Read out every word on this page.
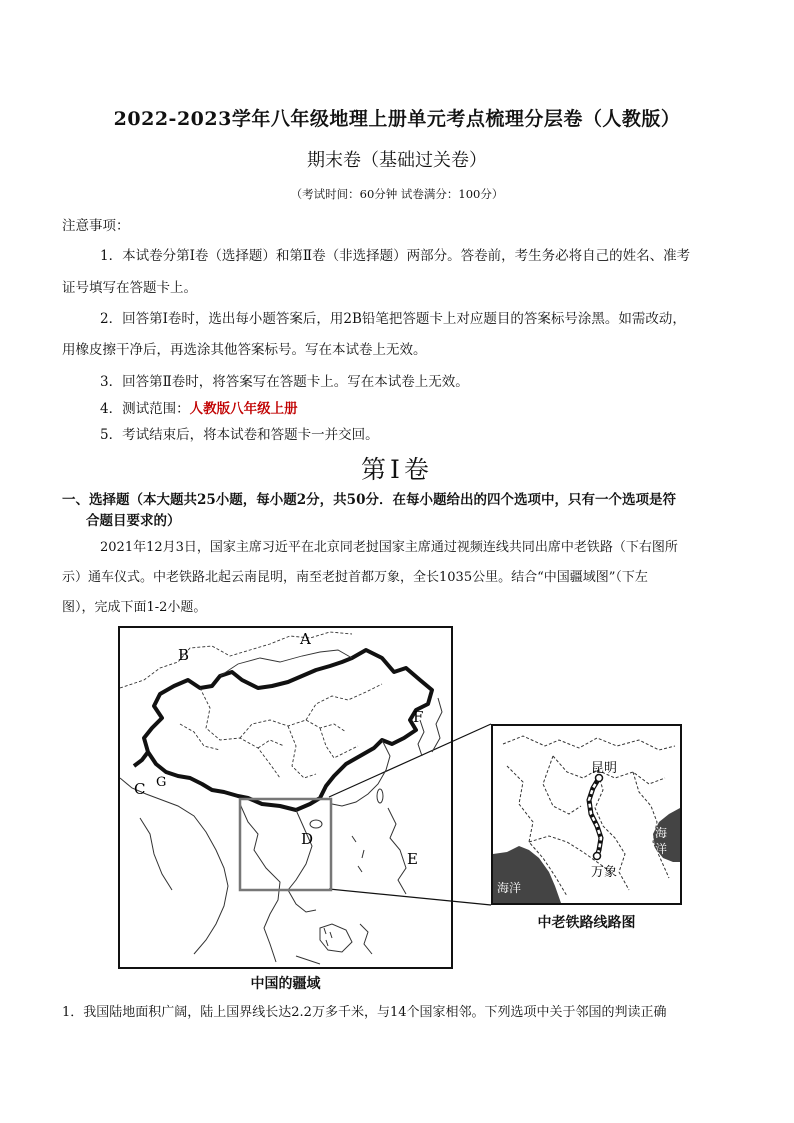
2022-2023学年八年级地理上册单元考点梳理分层卷（人教版）
期末卷（基础过关卷）
（考试时间：60分钟 试卷满分：100分）
注意事项：
1．本试卷分第Ⅰ卷（选择题）和第Ⅱ卷（非选择题）两部分。答卷前，考生务必将自己的姓名、准考
证号填写在答题卡上。
2．回答第Ⅰ卷时，选出每小题答案后，用2B铅笔把答题卡上对应题目的答案标号涂黑。如需改动，
用橡皮擦干净后，再选涂其他答案标号。写在本试卷上无效。
3．回答第Ⅱ卷时，将答案写在答题卡上。写在本试卷上无效。
4．测试范围：人教版八年级上册
5．考试结束后，将本试卷和答题卡一并交回。
第Ⅰ卷
一、选择题（本大题共25小题，每小题2分，共50分．在每小题给出的四个选项中，只有一个选项是符
合题目要求的）
2021年12月3日，国家主席习近平在北京同老挝国家主席通过视频连线共同出席中老铁路（下右图所
示）通车仪式。中老铁路北起云南昆明，南至老挝首都万象，全长1035公里。结合“中国疆域图”（下左
图），完成下面1-2小题。
A
B
C
D
E
F
G
中国的疆域
昆明
万象
海洋
海
洋
中老铁路线路图
1．我国陆地面积广阔，陆上国界线长达2.2万多千米，与14个国家相邻。下列选项中关于邻国的判读正确
